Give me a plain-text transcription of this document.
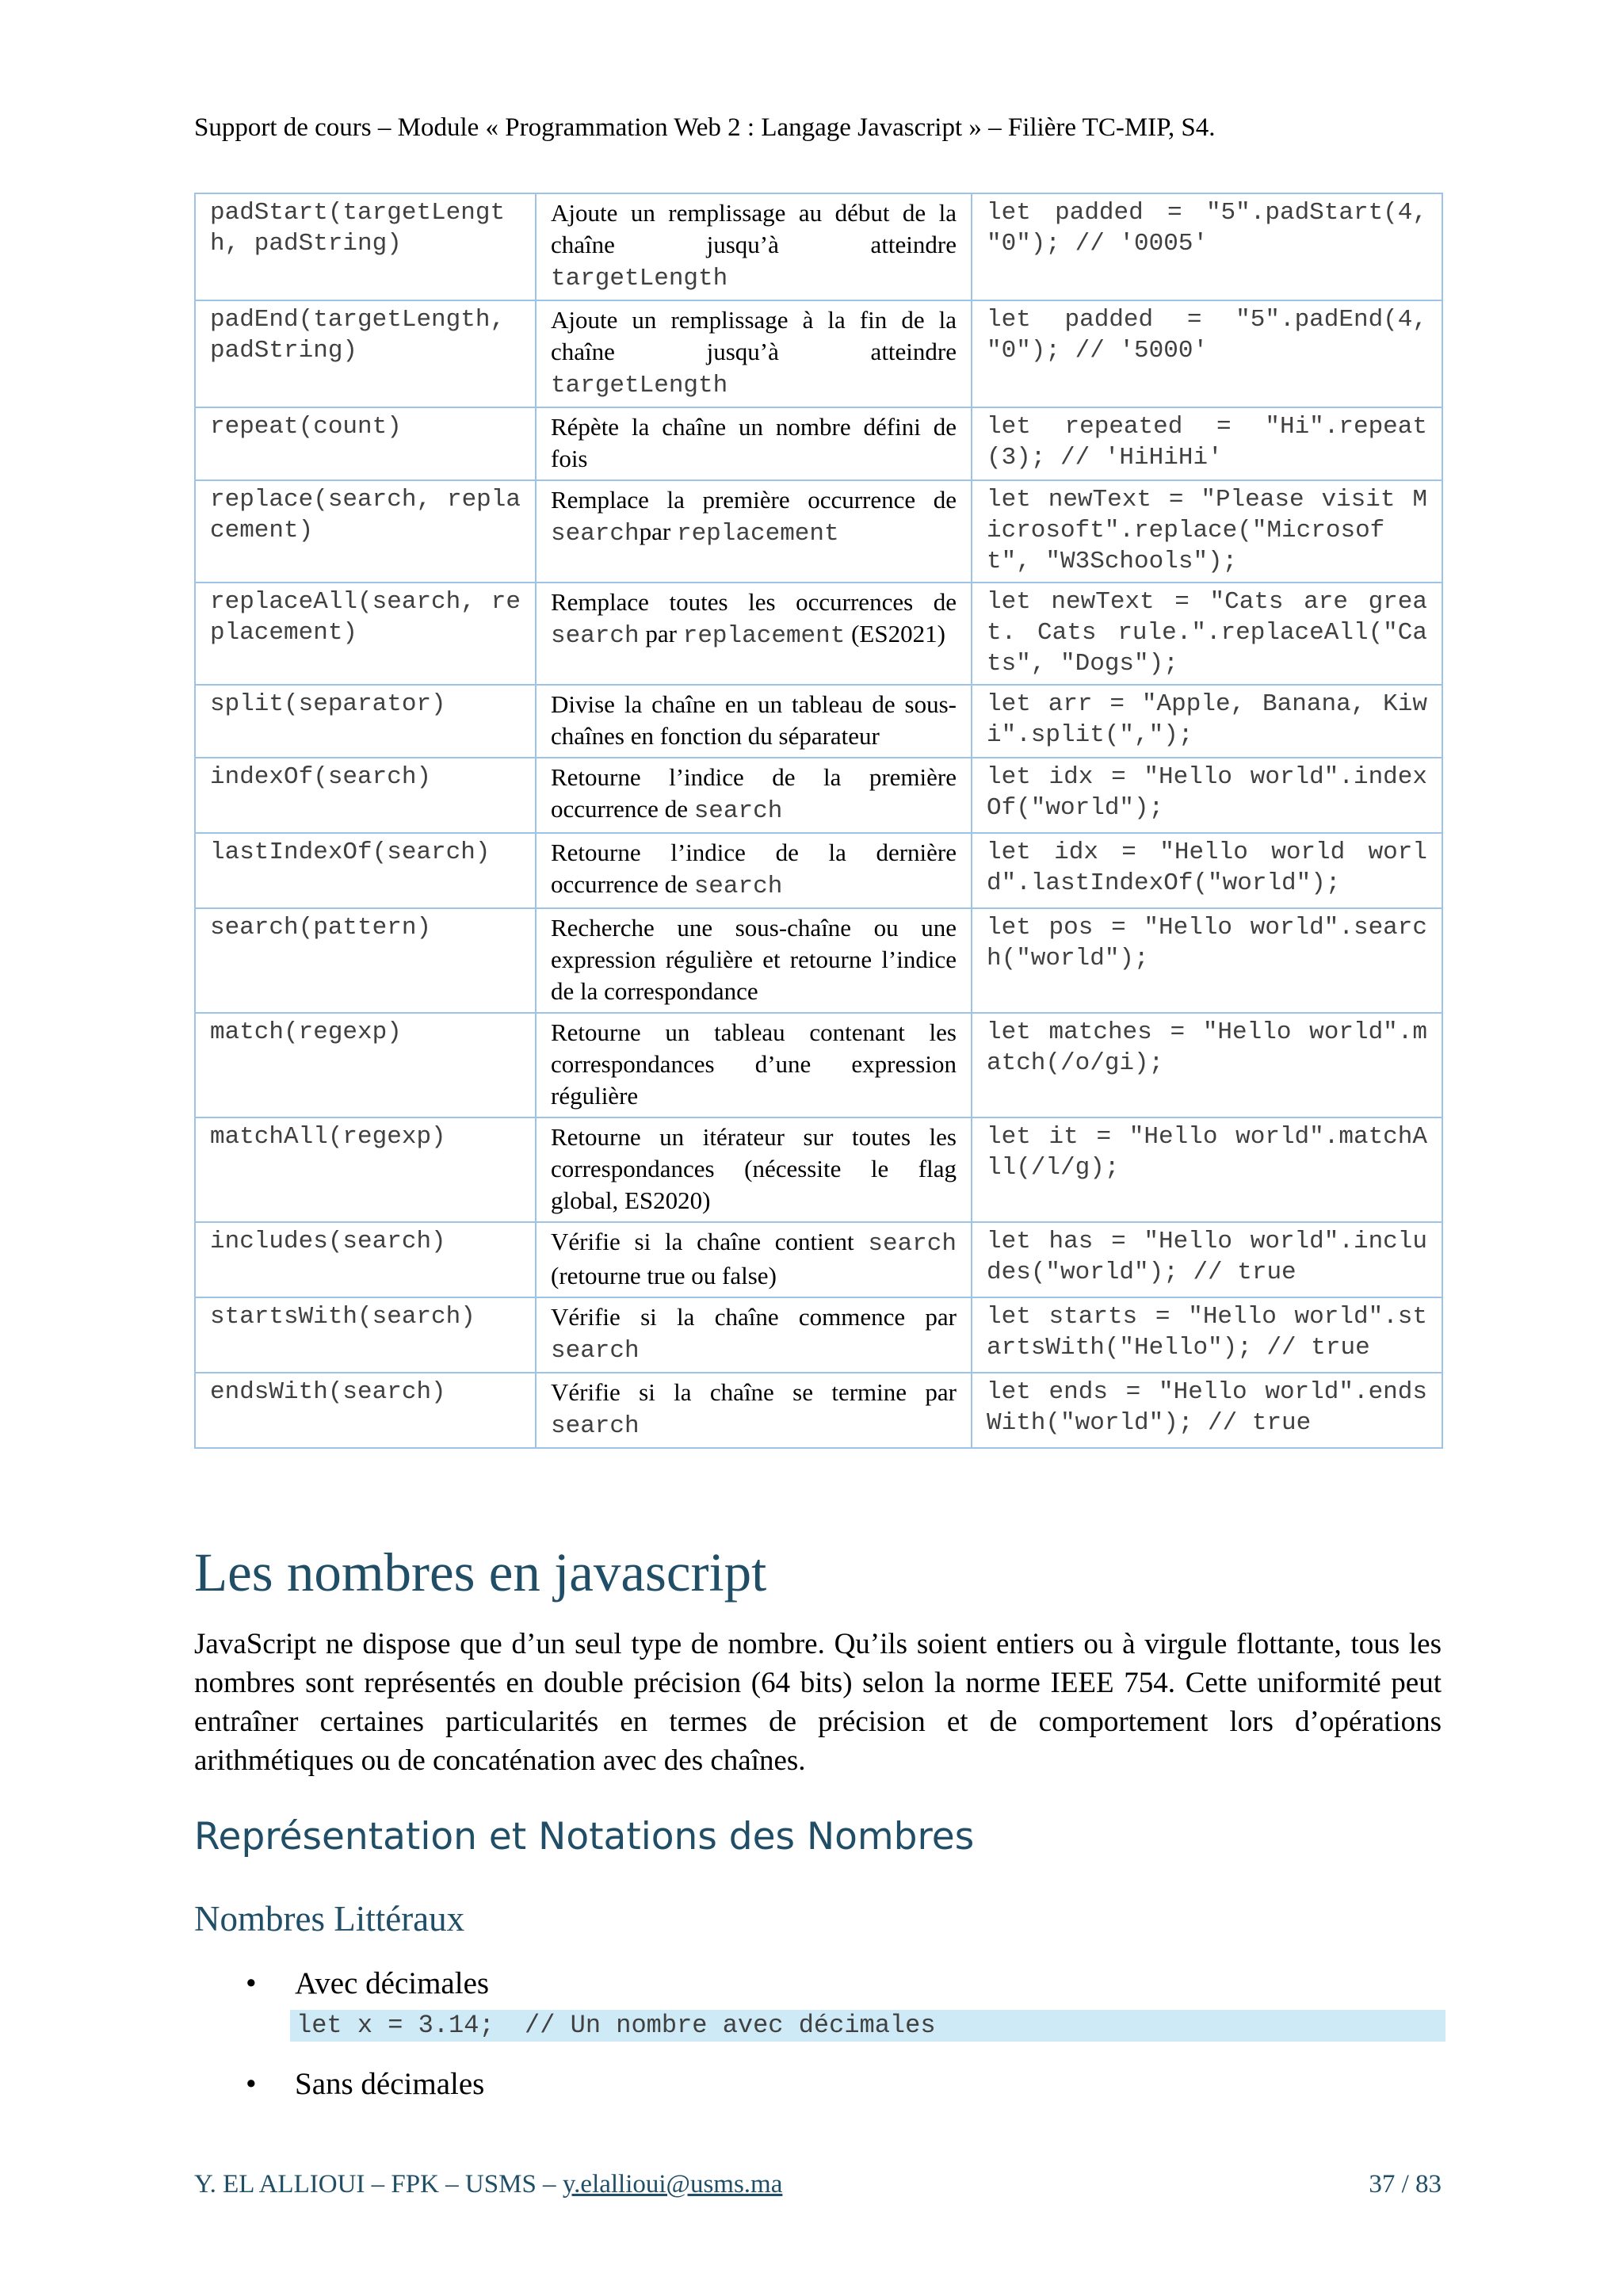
Support de cours – Module « Programmation Web 2 : Langage Javascript » – Filière TC-MIP, S4.
padStart(targetLength, padString)	Ajoute un remplissage au début de la chaîne jusqu’à atteindre targetLength	let padded = "5".padStart(4, "0"); // '0005'
padEnd(targetLength, padString)	Ajoute un remplissage à la fin de la chaîne jusqu’à atteindre targetLength	let padded = "5".padEnd(4, "0"); // '5000'
repeat(count)	Répète la chaîne un nombre défini de fois	let repeated = "Hi".repeat(3); // 'HiHiHi'
replace(search, replacement)	Remplace la première occurrence de searchpar replacement	let newText = "Please visit Microsoft".replace("Microsoft", "W3Schools");
replaceAll(search, replacement)	Remplace toutes les occurrences de search par replacement (ES2021)	let newText = "Cats are great. Cats rule.".replaceAll("Cats", "Dogs");
split(separator)	Divise la chaîne en un tableau de sous-chaînes en fonction du séparateur	let arr = "Apple, Banana, Kiwi".split(",");
indexOf(search)	Retourne l’indice de la première occurrence de search	let idx = "Hello world".indexOf("world");
lastIndexOf(search)	Retourne l’indice de la dernière occurrence de search	let idx = "Hello world world".lastIndexOf("world");
search(pattern)	Recherche une sous-chaîne ou une expression régulière et retourne l’indice de la correspondance	let pos = "Hello world".search("world");
match(regexp)	Retourne un tableau contenant les correspondances d’une expression régulière	let matches = "Hello world".match(/o/gi);
matchAll(regexp)	Retourne un itérateur sur toutes les correspondances (nécessite le flag global, ES2020)	let it = "Hello world".matchAll(/l/g);
includes(search)	Vérifie si la chaîne contient search (retourne true ou false)	let has = "Hello world".includes("world"); // true
startsWith(search)	Vérifie si la chaîne commence par search	let starts = "Hello world".startsWith("Hello"); // true
endsWith(search)	Vérifie si la chaîne se termine par search	let ends = "Hello world".endsWith("world"); // true
Les nombres en javascript

JavaScript ne dispose que d’un seul type de nombre. Qu’ils soient entiers ou à virgule flottante, tous les nombres sont représentés en double précision (64 bits) selon la norme IEEE 754. Cette uniformité peut entraîner certaines particularités en termes de précision et de comportement lors d’opérations arithmétiques ou de concaténation avec des chaînes.

Représentation et Notations des Nombres
Nombres Littéraux
• Avec décimales
let x = 3.14;  // Un nombre avec décimales
• Sans décimales
Y. EL ALLIOUI – FPK – USMS – y.elallioui@usms.ma	37 / 83
